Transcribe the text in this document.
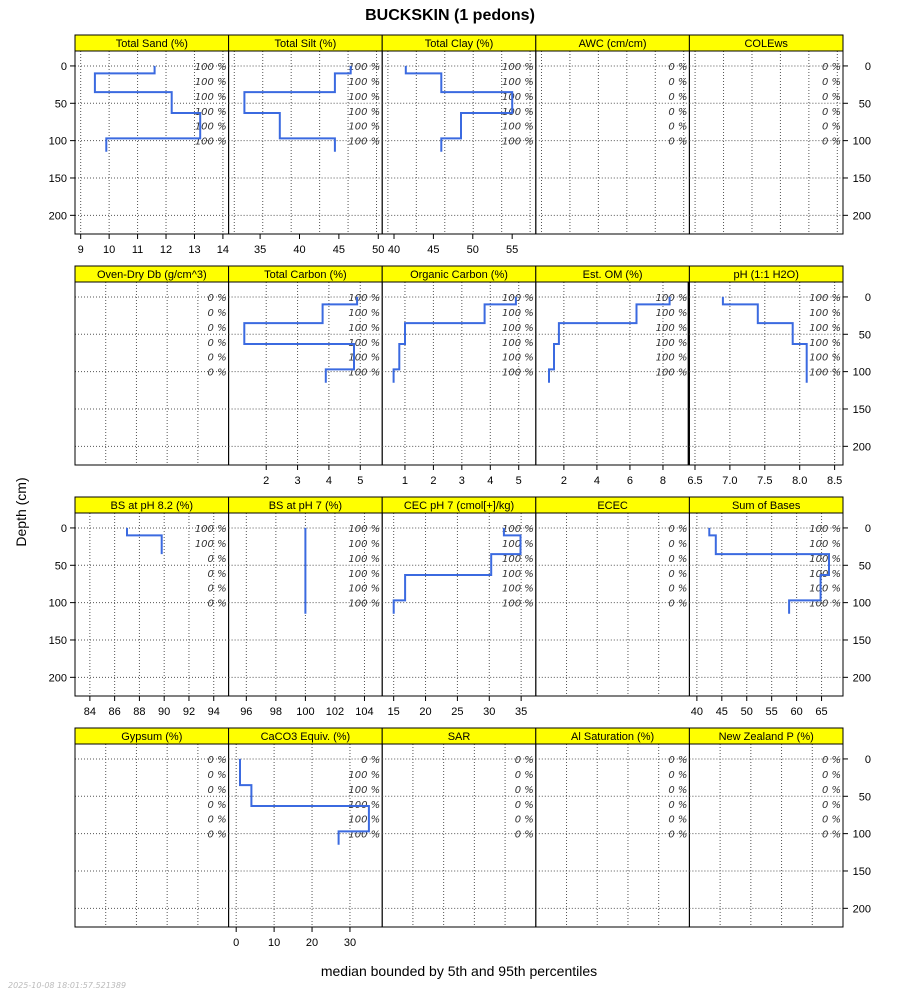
BUCKSKIN (1 pedons)
Depth (cm)
median bounded by 5th and 95th percentiles
2025-10-08 18:01:57.521389
0	0
50	50
100	100
150	150
200	200
Total Sand (%)
9 10 11 12 13 14
100 %
100 %
100 %
100 %
100 %
100 %
Total Silt (%)
35 40 45 50
100 %
100 %
100 %
100 %
100 %
100 %
Total Clay (%)
40 45 50 55
100 %
100 %
100 %
100 %
100 %
100 %
AWC (cm/cm)
0 %
0 %
0 %
0 %
0 %
0 %
COLEws
0 %
0 %
0 %
0 %
0 %
0 %
0
50
100
150
200
Oven-Dry Db (g/cm^3)
0 %
0 %
0 %
0 %
0 %
0 %
Total Carbon (%)
2 3 4 5
100 %
100 %
100 %
100 %
100 %
100 %
Organic Carbon (%)
1 2 3 4 5
100 %
100 %
100 %
100 %
100 %
100 %
Est. OM (%)
2 4 6 8
100 %
100 %
100 %
100 %
100 %
100 %
pH (1:1 H2O)
6.5 7.0 7.5 8.0 8.5
100 %
100 %
100 %
100 %
100 %
100 %
0	0
50	50
100	100
150	150
200	200
BS at pH 8.2 (%)
84 86 88 90 92 94
100 %
100 %
0 %
0 %
0 %
0 %
BS at pH 7 (%)
96 98 100 102 104
100 %
100 %
100 %
100 %
100 %
100 %
CEC pH 7 (cmol[+]/kg)
15 20 25 30 35
100 %
100 %
100 %
100 %
100 %
100 %
ECEC
0 %
0 %
0 %
0 %
0 %
0 %
Sum of Bases
40 45 50 55 60 65
100 %
100 %
100 %
100 %
100 %
100 %
0
50
100
150
200
Gypsum (%)
0 %
0 %
0 %
0 %
0 %
0 %
CaCO3 Equiv. (%)
0	10 20 30
0 %
100 %
100 %
100 %
100 %
100 %
SAR
0 %
0 %
0 %
0 %
0 %
0 %
Al Saturation (%)
0 %
0 %
0 %
0 %
0 %
0 %
New Zealand P (%)
0 %
0 %
0 %
0 %
0 %
0 %
